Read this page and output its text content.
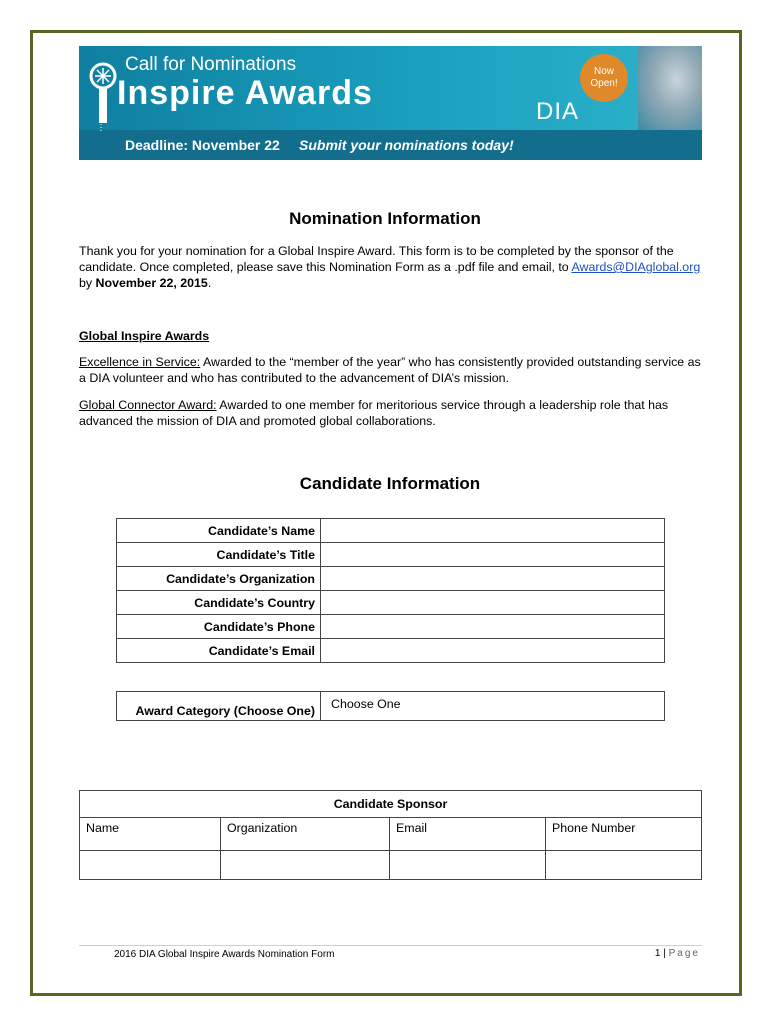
Call for Nominations
Inspire Awards
Deadline: November 22 Submit your nominations today!
Now
Open!
DIA
Nomination Information
Thank you for your nomination for a Global Inspire Award. This form is to be completed by the sponsor of the candidate. Once completed, please save this Nomination Form as a .pdf file and email, to Awards@DIAglobal.org by November 22, 2015.
Global Inspire Awards
Excellence in Service: Awarded to the “member of the year” who has consistently provided outstanding service as a DIA volunteer and who has contributed to the advancement of DIA’s mission.
Global Connector Award: Awarded to one member for meritorious service through a leadership role that has advanced the mission of DIA and promoted global collaborations.
Candidate Information
Candidate’s Name	
Candidate’s Title	
Candidate’s Organization	
Candidate’s Country	
Candidate’s Phone	
Candidate’s Email	
Award Category (Choose One)	Choose One
Candidate Sponsor			
Name	Organization	Email	Phone Number

2016 DIA Global Inspire Awards Nomination Form	1 | Page
